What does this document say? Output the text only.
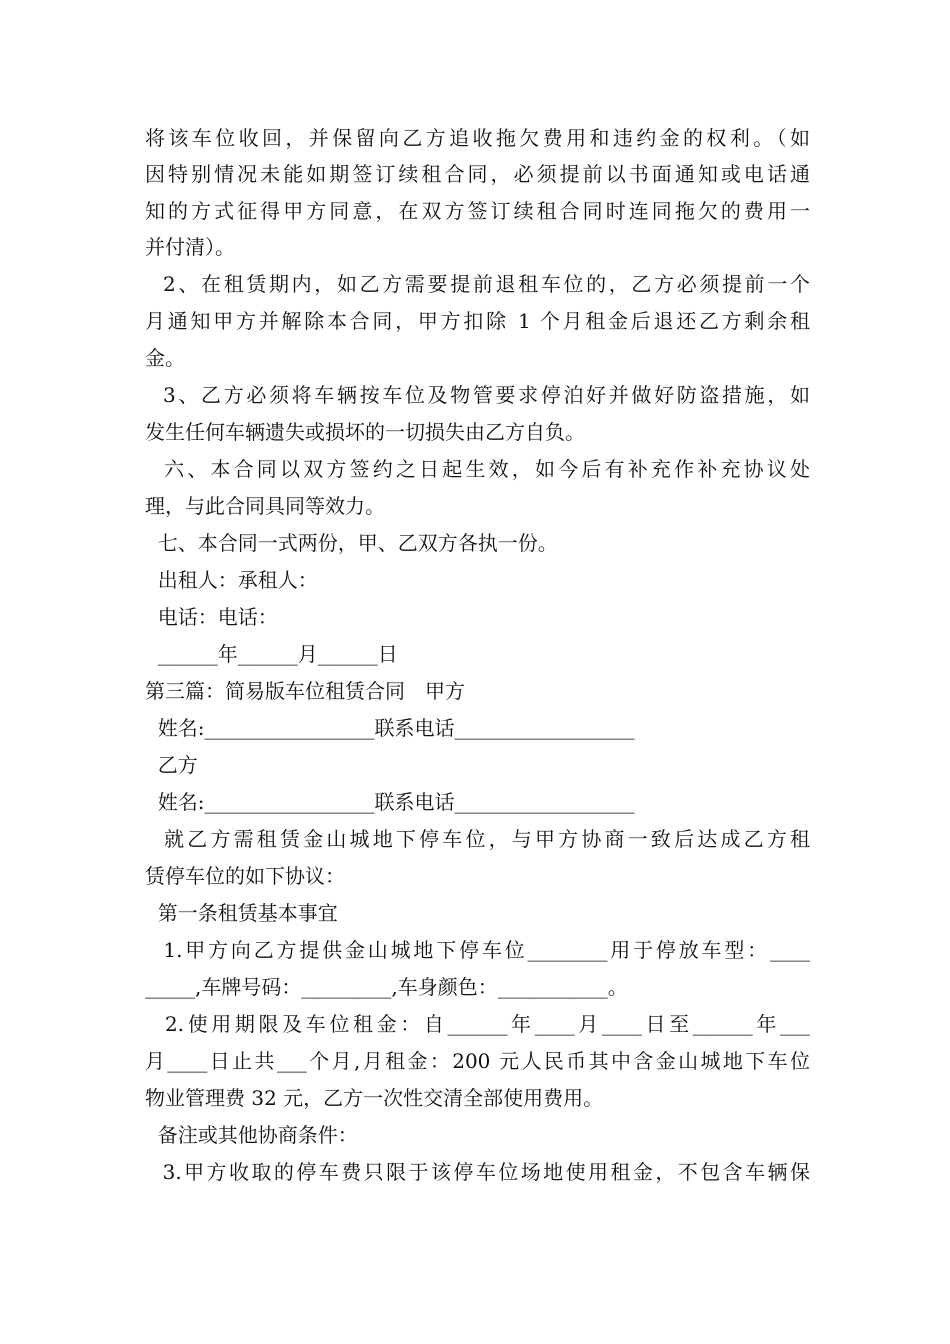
将该车位收回，并保留向乙方追收拖欠费用和违约金的权利。（如
因特别情况未能如期签订续租合同，必须提前以书面通知或电话通
知的方式征得甲方同意，在双方签订续租合同时连同拖欠的费用一
并付清）。
2、在租赁期内，如乙方需要提前退租车位的，乙方必须提前一个
月通知甲方并解除本合同，甲方扣除 1 个月租金后退还乙方剩余租
金。
3、乙方必须将车辆按车位及物管要求停泊好并做好防盗措施，如
发生任何车辆遗失或损坏的一切损失由乙方自负。
六、本合同以双方签约之日起生效，如今后有补充作补充协议处
理，与此合同具同等效力。
七、本合同一式两份，甲、乙双方各执一份。
出租人：承租人：
电话：电话：
______年______月______日
第三篇：简易版车位租赁合同　甲方
姓名:_________________联系电话__________________
乙方
姓名:_________________联系电话__________________
就乙方需租赁金山城地下停车位，与甲方协商一致后达成乙方租
赁停车位的如下协议：
第一条租赁基本事宜
1.甲方向乙方提供金山城地下停车位________用于停放车型：____
_____,车牌号码：_________,车身颜色：___________。
2.使用期限及车位租金：自______年____月____日至______年___
月____日止共___个月,月租金：200 元人民币其中含金山城地下车位
物业管理费 32 元，乙方一次性交清全部使用费用。
备注或其他协商条件：
3.甲方收取的停车费只限于该停车位场地使用租金，不包含车辆保
